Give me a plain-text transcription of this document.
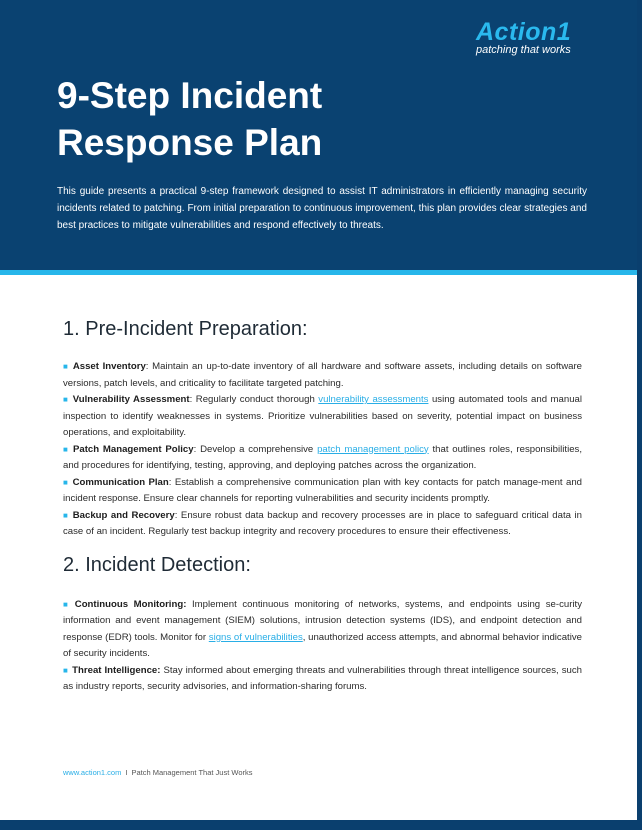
Action1
patching that works
9-Step Incident
Response Plan

This guide presents a practical 9-step framework designed to assist IT administrators in efficiently managing security incidents related to patching. From initial preparation to continuous improvement, this plan provides clear strategies and best practices to mitigate vulnerabilities and respond effectively to threats.

1. Pre-Incident Preparation:

■ Asset Inventory: Maintain an up-to-date inventory of all hardware and software assets, including details on software versions, patch levels, and criticality to facilitate targeted patching.

■ Vulnerability Assessment: Regularly conduct thorough vulnerability assessments using automated tools and manual inspection to identify weaknesses in systems. Prioritize vulnerabilities based on severity, potential impact on business operations, and exploitability.

■ Patch Management Policy: Develop a comprehensive patch management policy that outlines roles, responsibilities, and procedures for identifying, testing, approving, and deploying patches across the organization.

■ Communication Plan: Establish a comprehensive communication plan with key contacts for patch manage-ment and incident response. Ensure clear channels for reporting vulnerabilities and security incidents promptly.

■ Backup and Recovery: Ensure robust data backup and recovery processes are in place to safeguard critical data in case of an incident. Regularly test backup integrity and recovery procedures to ensure their effectiveness.

2. Incident Detection:

■ Continuous Monitoring: Implement continuous monitoring of networks, systems, and endpoints using se-curity information and event management (SIEM) solutions, intrusion detection systems (IDS), and endpoint detection and response (EDR) tools. Monitor for signs of vulnerabilities, unauthorized access attempts, and abnormal behavior indicative of security incidents.

■ Threat Intelligence: Stay informed about emerging threats and vulnerabilities through threat intelligence sources, such as industry reports, security advisories, and information-sharing forums.

www.action1.com I Patch Management That Just Works
